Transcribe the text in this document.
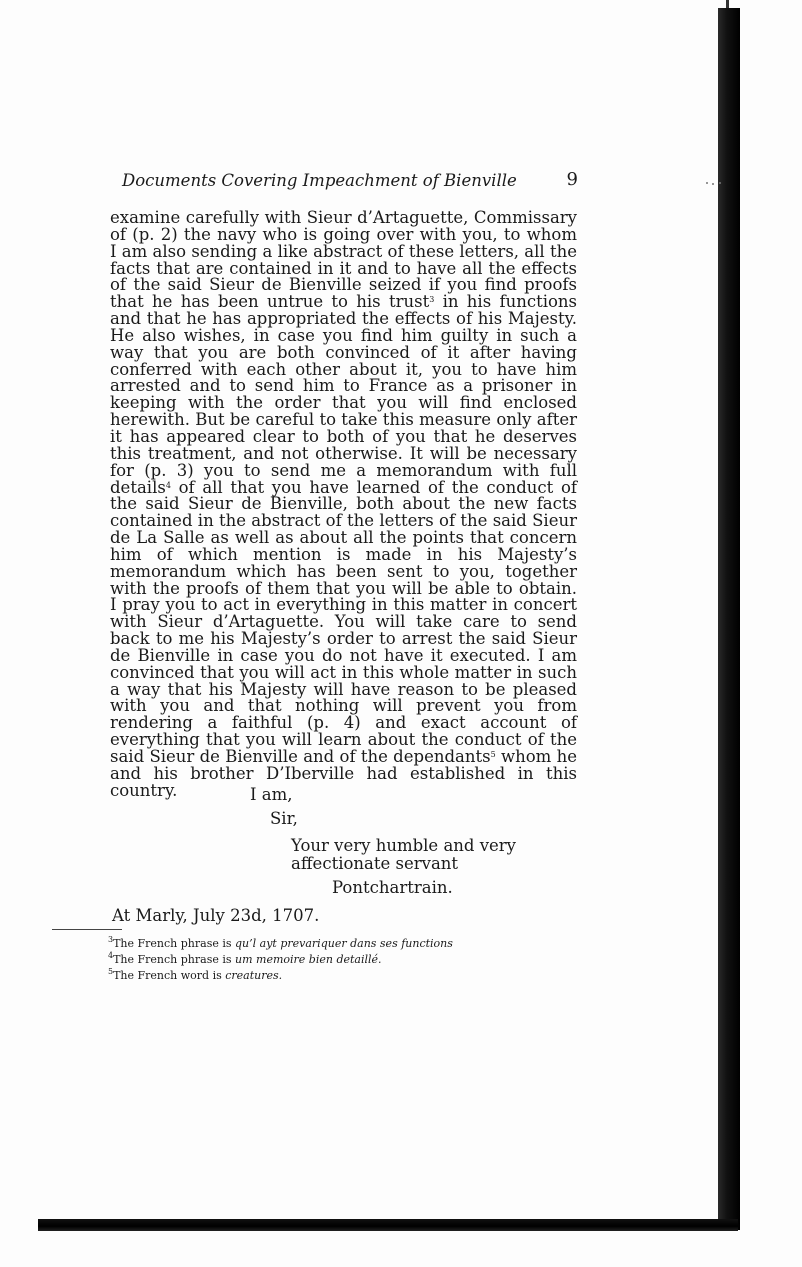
Documents Covering Impeachment of Bienville	9

examine carefully with Sieur d’Artaguette, Commissary of (p. 2) the navy who is going over with you, to whom I am also sending a like abstract of these letters, all the facts that are contained in it and to have all the effects of the said Sieur de Bienville seized if you find proofs that he has been untrue to his trust$^3$ in his functions and that he has appropriated the effects of his Majesty. He also wishes, in case you find him guilty in such a way that you are both convinced of it after having conferred with each other about it, you to have him arrested and to send him to France as a prisoner in keeping with the order that you will find enclosed herewith. But be careful to take this measure only after it has appeared clear to both of you that he deserves this treatment, and not otherwise. It will be necessary for (p. 3) you to send me a memorandum with full details$^4$ of all that you have learned of the conduct of the said Sieur de Bienville, both about the new facts contained in the abstract of the letters of the said Sieur de La Salle as well as about all the points that concern him of which mention is made in his Majesty’s memorandum which has been sent to you, together with the proofs of them that you will be able to obtain. I pray you to act in everything in this matter in concert with Sieur d’Artaguette. You will take care to send back to me his Majesty’s order to arrest the said Sieur de Bienville in case you do not have it executed. I am convinced that you will act in this whole matter in such a way that his Majesty will have reason to be pleased with you and that nothing will prevent you from rendering a faithful (p. 4) and exact account of everything that you will learn about the conduct of the said Sieur de Bienville and of the dependants$^5$ whom he and his brother D’Iberville had established in this country.	I am,
Sir,
Your very humble and very affectionate servant
Pontchartrain.
At Marly, July 23d, 1707.
$^3$The French phrase is qu’l ayt prevariquer dans ses functions
$^4$The French phrase is um memoire bien detaillé.
$^5$The French word is creatures.
